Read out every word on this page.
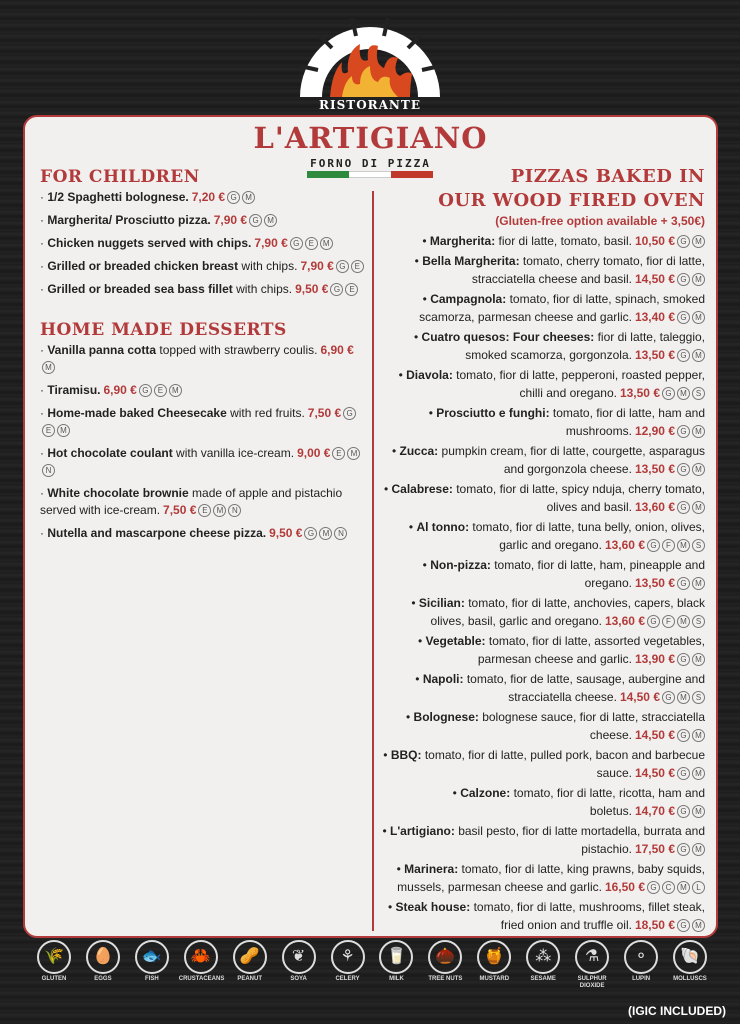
RISTORANTE
L'ARTIGIANO
FORNO DI PIZZA
FOR CHILDREN
· 1/2 Spaghetti bolognese. 7,20 € G M
· Margherita/ Prosciutto pizza. 7,90 € G M
· Chicken nuggets served with chips. 7,90 € G E M
· Grilled or breaded chicken breast with chips. 7,90 € G E
· Grilled or breaded sea bass fillet with chips. 9,50 € G E
HOME MADE DESSERTS
· Vanilla panna cotta topped with strawberry coulis. 6,90 €M
· Tiramisu. 6,90 € G E M
· Home-made baked Cheesecake with red fruits. 7,50 € GE M
· Hot chocolate coulant with vanilla ice-cream. 9,00 € E MN
· White chocolate brownie made of apple and pistachio served with ice-cream. 7,50 € E M N
· Nutella and mascarpone cheese pizza. 9,50 € G M N
PIZZAS BAKED IN
OUR WOOD FIRED OVEN
(Gluten-free option available + 3,50€)
• Margherita: fior di latte, tomato, basil. 10,50 € G M
• Bella Margherita: tomato, cherry tomato, fior di latte, stracciatella cheese and basil. 14,50 € G M
• Campagnola: tomato, fior di latte, spinach, smoked scamorza, parmesan cheese and garlic. 13,40 € G M
• Cuatro quesos: Four cheeses: fior di latte, taleggio, smoked scamorza, gorgonzola. 13,50 € G M
• Diavola: tomato, fior di latte, pepperoni, roasted pepper, chilli and oregano. 13,50 € G M S
• Prosciutto e funghi: tomato, fior di latte, ham and mushrooms. 12,90 € G M
• Zucca: pumpkin cream, fior di latte, courgette, asparagus and gorgonzola cheese. 13,50 € G M
• Calabrese: tomato, fior di latte, spicy nduja, cherry tomato, olives and basil. 13,60 € G M
• Al tonno: tomato, fior di latte, tuna belly, onion, olives, garlic and oregano. 13,60 € G F M S
• Non-pizza: tomato, fior di latte, ham, pineapple and oregano. 13,50 € G M
• Sicilian: tomato, fior di latte, anchovies, capers, black olives, basil, garlic and oregano. 13,60 € G F M S
• Vegetable: tomato, fior di latte, assorted vegetables, parmesan cheese and garlic. 13,90 € G M
• Napoli: tomato, fior de latte, sausage, aubergine and stracciatella cheese. 14,50 € G M S
• Bolognese: bolognese sauce, fior di latte, stracciatella cheese. 14,50 € G M
• BBQ: tomato, fior di latte, pulled pork, bacon and barbecue sauce. 14,50 € G M
• Calzone: tomato, fior di latte, ricotta, ham and boletus. 14,70 € G M
• L'artigiano: basil pesto, fior di latte mortadella, burrata and pistachio. 17,50 € G M
• Marinera: tomato, fior di latte, king prawns, baby squids, mussels, parmesan cheese and garlic. 16,50 € G C M L
• Steak house: tomato, fior di latte, mushrooms, fillet steak, fried onion and truffle oil. 18,50 € G M
🌾
GLUTEN
🥚
EGGS
🐟
FISH
🦀
CRUSTACEANS
🥜
PEANUT
❦
SOYA
⚘
CELERY
🥛
MILK
🌰
TREE NUTS
🍯
MUSTARD
⁂
SESAME
⚗
SULPHUR DIOXIDE
⚬
LUPIN
🐚
MOLLUSCS
(IGIC INCLUDED)
